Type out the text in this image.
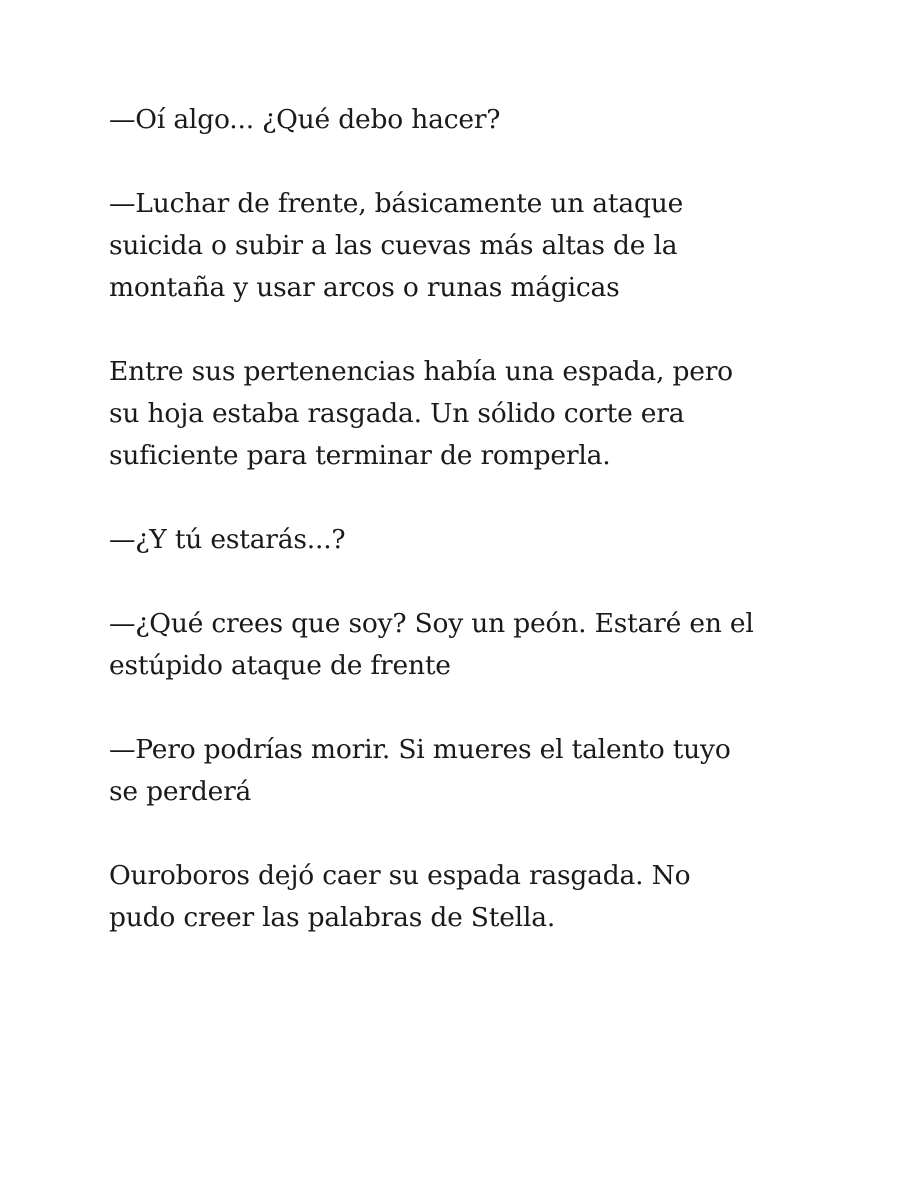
—Oí algo... ¿Qué debo hacer?

—Luchar de frente, básicamente un ataque
suicida o subir a las cuevas más altas de la
montaña y usar arcos o runas mágicas

Entre sus pertenencias había una espada, pero
su hoja estaba rasgada. Un sólido corte era
suficiente para terminar de romperla.

—¿Y tú estarás...?

—¿Qué crees que soy? Soy un peón. Estaré en el
estúpido ataque de frente

—Pero podrías morir. Si mueres el talento tuyo
se perderá

Ouroboros dejó caer su espada rasgada. No
pudo creer las palabras de Stella.
